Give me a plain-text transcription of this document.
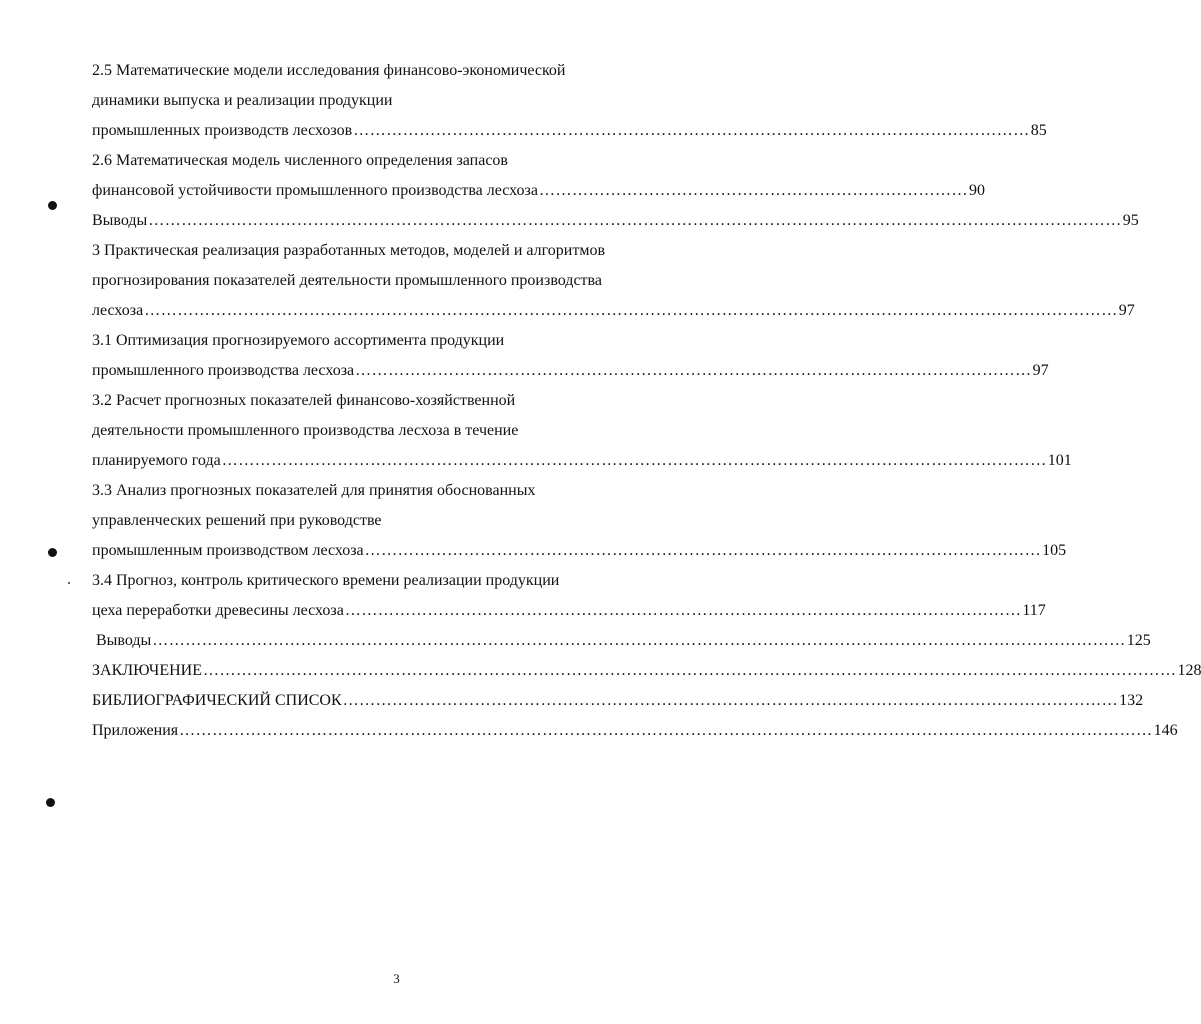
2.5 Математические модели исследования финансово-экономической
динамики выпуска и реализации продукции
промышленных производств лесхозов …………………………………………………………………………………………………………… 85
2.6 Математическая модель численного определения запасов
финансовой устойчивости промышленного производства лесхоза …………………………………………………………………… 90
Выводы …………………………………………………………………………………………………………………………………………………………… 95
3 Практическая реализация разработанных методов, моделей и алгоритмов
прогнозирования показателей деятельности промышленного производства
лесхоза …………………………………………………………………………………………………………………………………………………………… 97
3.1 Оптимизация прогнозируемого ассортимента продукции
промышленного производства лесхоза …………………………………………………………………………………………………………… 97
3.2 Расчет прогнозных показателей финансово-хозяйственной
деятельности промышленного производства лесхоза в течение
планируемого года …………………………………………………………………………………………………………………………………… 101
3.3 Анализ прогнозных показателей для принятия обоснованных
управленческих решений при руководстве
промышленным производством лесхоза …………………………………………………………………………………………………………… 105
3.4 Прогноз, контроль критического времени реализации продукции
цеха переработки древесины лесхоза …………………………………………………………………………………………………………… 117
Выводы …………………………………………………………………………………………………………………………………………………………… 125
ЗАКЛЮЧЕНИЕ …………………………………………………………………………………………………………………………………………………………… 128
БИБЛИОГРАФИЧЕСКИЙ СПИСОК …………………………………………………………………………………………………………………………… 132
Приложения …………………………………………………………………………………………………………………………………………………………… 146
3
